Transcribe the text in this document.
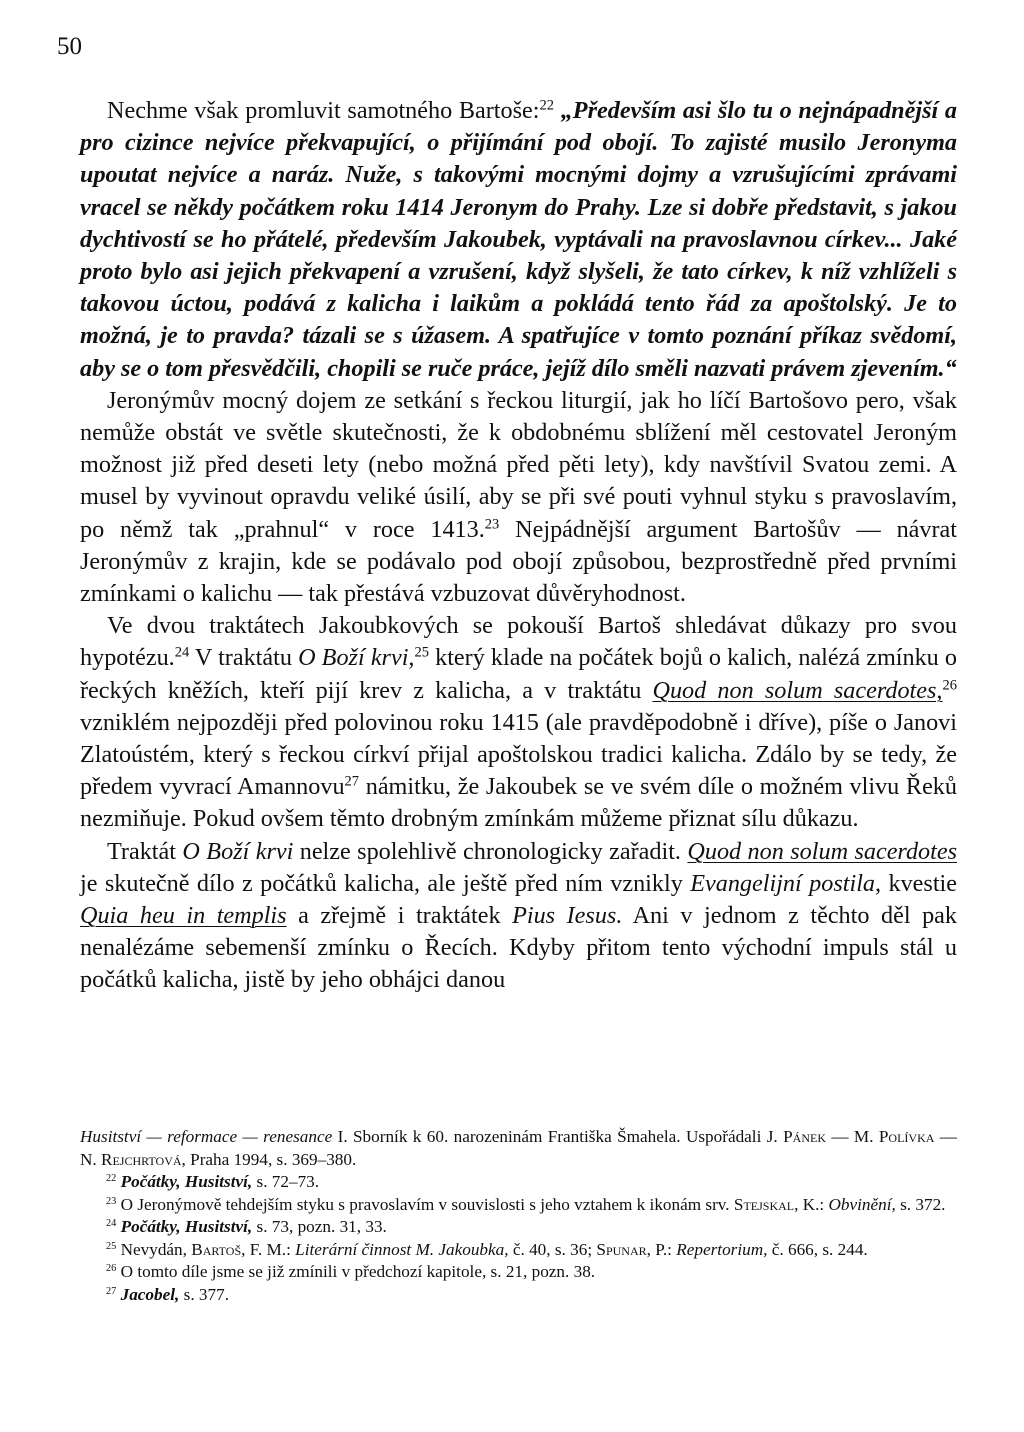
50

Nechme však promluvit samotného Bartoše:$^{22}$ „Především asi šlo tu o nejnápadnější a pro cizince nejvíce překvapující, o přijímání pod obojí. To zajisté musilo Jeronyma upoutat nejvíce a naráz. Nuže, s takovými mocnými dojmy a vzrušujícími zprávami vracel se někdy počátkem roku 1414 Jeronym do Prahy. Lze si dobře představit, s jakou dychtivostí se ho přátelé, především Jakoubek, vyptávali na pravoslavnou církev... Jaké proto bylo asi jejich překvapení a vzrušení, když slyšeli, že tato církev, k níž vzhlíželi s takovou úctou, podává z kalicha i laikům a pokládá tento řád za apoštolský. Je to možná, je to pravda? tázali se s úžasem. A spatřujíce v tomto poznání příkaz svědomí, aby se o tom přesvědčili, chopili se ruče práce, jejíž dílo směli nazvati právem zjevením.“

Jeronýmův mocný dojem ze setkání s řeckou liturgií, jak ho líčí Bartošovo pero, však nemůže obstát ve světle skutečnosti, že k obdobnému sblížení měl cestovatel Jeroným možnost již před deseti lety (nebo možná před pěti lety), kdy navštívil Svatou zemi. A musel by vyvinout opravdu veliké úsilí, aby se při své pouti vyhnul styku s pravoslavím, po němž tak „prahnul“ v roce 1413.23 Nejpádnější argument Bartošův — návrat Jeronýmův z krajin, kde se podávalo pod obojí způsobou, bezprostředně před prvními zmínkami o kalichu — tak přestává vzbuzovat důvěryhodnost.

Ve dvou traktátech Jakoubkových se pokouší Bartoš shledávat důkazy pro svou hypotézu.$^{24}$ V traktátu O Boží krvi,$^{25}$ který klade na počátek bojů o kalich, nalézá zmínku o řeckých kněžích, kteří pijí krev z kalicha, a v traktátu Quod non solum sacerdotes,$^{26}$ vzniklém nejpozději před polovinou roku 1415 (ale pravděpodobně i dříve), píše o Janovi Zlatoústém, který s řeckou církví přijal apoštolskou tradici kalicha. Zdálo by se tedy, že předem vyvrací Amannovu$^{27}$ námitku, že Jakoubek se ve svém díle o možném vlivu Řeků nezmiňuje. Pokud ovšem těmto drobným zmínkám můžeme přiznat sílu důkazu.

Traktát O Boží krvi nelze spolehlivě chronologicky zařadit. Quod non solum sacerdotes je skutečně dílo z počátků kalicha, ale ještě před ním vznikly Evangelijní postila, kvestie Quia heu in templis a zřejmě i traktátek Pius Iesus. Ani v jednom z těchto děl pak nenalézáme sebemenší zmínku o Řecích. Kdyby přitom tento východní impuls stál u počátků kalicha, jistě by jeho obhájci danou

Husitství — reformace — renesance I. Sborník k 60. narozeninám Františka Šmahela. Uspořádali J. Pánek — M. Polívka — N. Rejchrtová, Praha 1994, s. 369–380.

$^{22}$ Počátky, Husitství, s. 72–73.

$^{23}$ O Jeronýmově tehdejším styku s pravoslavím v souvislosti s jeho vztahem k ikonám srv. Stejskal, K.: Obvinění, s. 372.

$^{24}$ Počátky, Husitství, s. 73, pozn. 31, 33.

$^{25}$ Nevydán, Bartoš, F. M.: Literární činnost M. Jakoubka, č. 40, s. 36; Spunar, P.: Repertorium, č. 666, s. 244.

$^{26}$ O tomto díle jsme se již zmínili v předchozí kapitole, s. 21, pozn. 38.

$^{27}$ Jacobel, s. 377.
